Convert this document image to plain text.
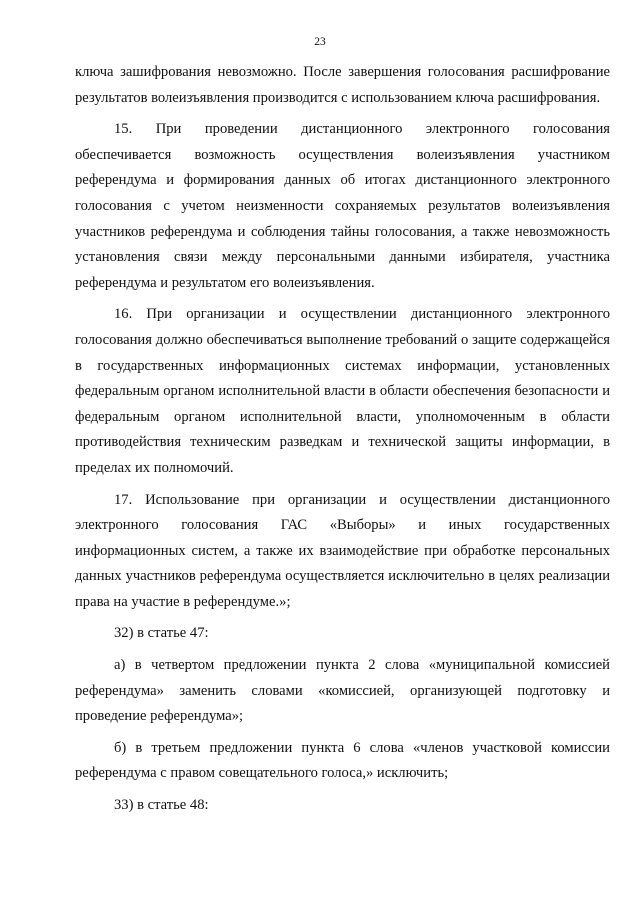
23

ключа зашифрования невозможно. После завершения голосования расшифрование результатов волеизъявления производится с использованием ключа расшифрования.

15. При проведении дистанционного электронного голосования обеспечивается возможность осуществления волеизъявления участником референдума и формирования данных об итогах дистанционного электронного голосования с учетом неизменности сохраняемых результатов волеизъявления участников референдума и соблюдения тайны голосования, а также невозможность установления связи между персональными данными избирателя, участника референдума и результатом его волеизъявления.

16. При организации и осуществлении дистанционного электронного голосования должно обеспечиваться выполнение требований о защите содержащейся в государственных информационных системах информации, установленных федеральным органом исполнительной власти в области обеспечения безопасности и федеральным органом исполнительной власти, уполномоченным в области противодействия техническим разведкам и технической защиты информации, в пределах их полномочий.

17. Использование при организации и осуществлении дистанционного электронного голосования ГАС «Выборы» и иных государственных информационных систем, а также их взаимодействие при обработке персональных данных участников референдума осуществляется исключительно в целях реализации права на участие в референдуме.»;

32) в статье 47:

а) в четвертом предложении пункта 2 слова «муниципальной комиссией референдума» заменить словами «комиссией, организующей подготовку и проведение референдума»;

б) в третьем предложении пункта 6 слова «членов участковой комиссии референдума с правом совещательного голоса,» исключить;

33) в статье 48:
